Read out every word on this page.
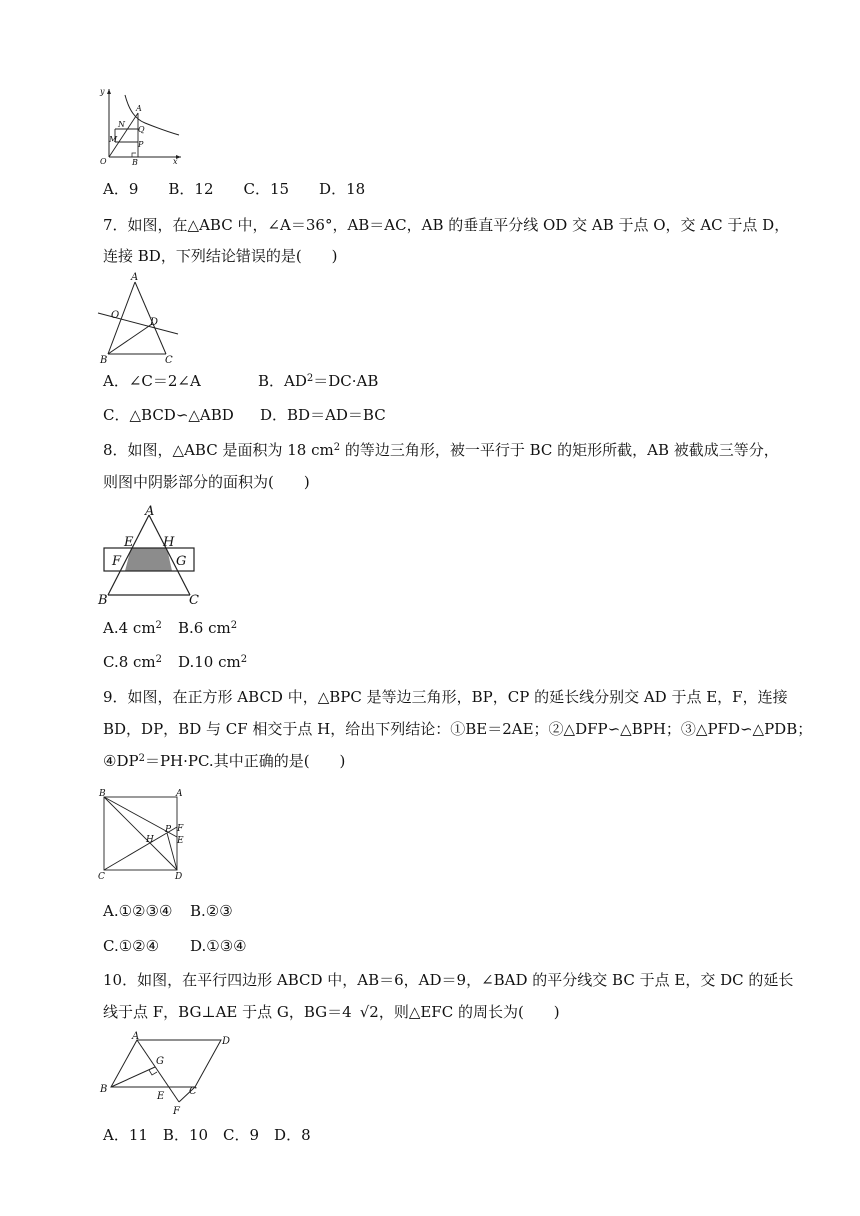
y
x
O
A
N
Q
M
P
B

A．9　　B．12　　C．15　　D．18

7．如图，在△ABC 中，∠A＝36°，AB＝AC，AB 的垂直平分线 OD 交 AB 于点 O，交 AC 于点 D，

连接 BD，下列结论错误的是(　　)

A
O
D
B	C
A．∠C＝2∠A	B．$AD^2=DC\cdot AB$
C．△BCD∽△ABD D．BD＝AD＝BC

8．如图，△ABC 是面积为 18 $cm^2$ 的等边三角形，被一平行于 BC 的矩形所截，AB 被截成三等分，

则图中阴影部分的面积为(　　)

A
E H
F	G
B	C
A.4 $cm^2$ B.6 $cm^2$
C.8 $cm^2$ D.10 $cm^2$

9．如图，在正方形 ABCD 中，△BPC 是等边三角形，BP，CP 的延长线分别交 AD 于点 E，F，连接

BD，DP，BD 与 CF 相交于点 H，给出下列结论：①BE＝2AE；②△DFP∽△BPH；③△PFD∽△PDB；

$④DP^2=PH\cdot PC$.其中正确的是(　　)

B	A
P F
H	E
C	D
A.①②③④ B.②③
C.①②④ D.①③④

10．如图，在平行四边形 ABCD 中，AB＝6，AD＝9，∠BAD 的平分线交 BC 于点 E，交 DC 的延长

线于点 F，BG⊥AE 于点 G，BG＝4 √2，则△EFC 的周长为(　　)

A	D
G
B
E C
F

A．11　B．10　C．9　D．8
